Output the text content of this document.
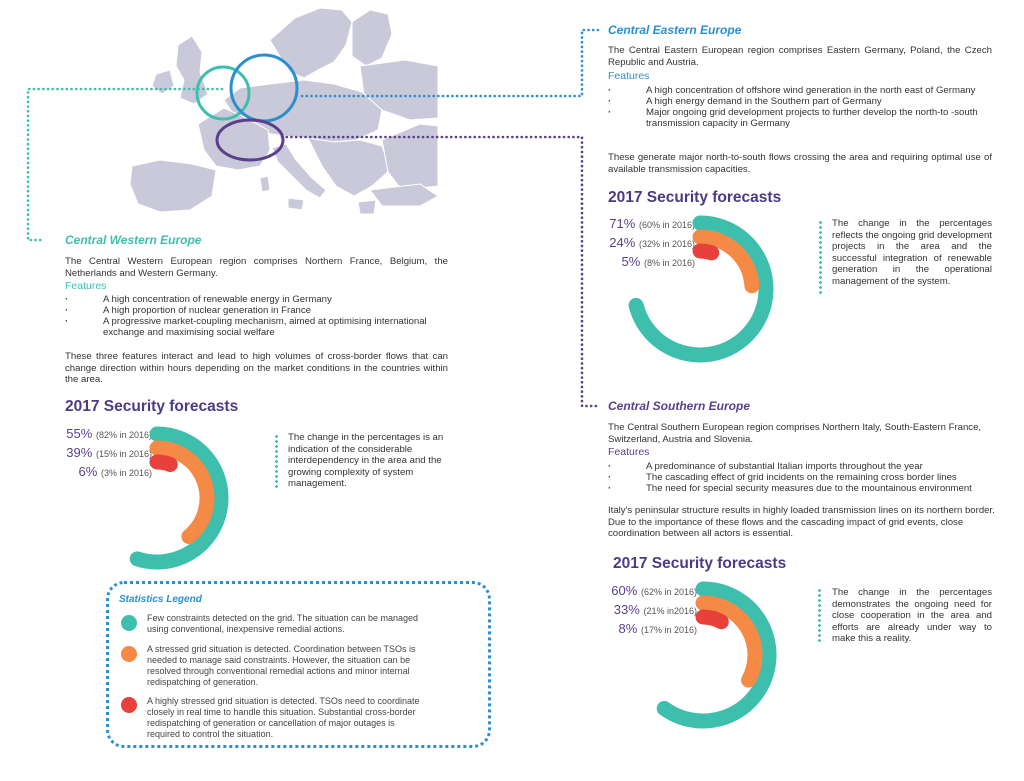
Central Western Europe
The Central Western European region comprises Northern France, Belgium, the Netherlands and Western Germany.
Features
· A high concentration of renewable energy in Germany
· A high proportion of nuclear generation in France
· A progressive market-coupling mechanism, aimed at optimising international exchange and maximising social welfare
These three features interact and lead to high volumes of cross-border flows that can change direction within hours depending on the market conditions in the countries within the area.
2017 Security forecasts
55% (82% in 2016)
39% (15% in 2016)
6% (3% in 2016)
The change in the percentages is an indication of the considerable interdependency in the area and the growing complexity of system management.
Statistics Legend
Few constraints detected on the grid. The situation can be managed using conventional, inexpensive remedial actions.
A stressed grid situation is detected. Coordination between TSOs is needed to manage said constraints. However, the situation can be resolved through conventional remedial actions and minor internal redispatching of generation.
A highly stressed grid situation is detected. TSOs need to coordinate closely in real time to handle this situation. Substantial cross-border redispatching of generation or cancellation of major outages is required to control the situation.
Central Eastern Europe
The Central Eastern European region comprises Eastern Germany, Poland, the Czech Republic and Austria.
Features
· A high concentration of offshore wind generation in the north east of Germany
· A high energy demand in the Southern part of Germany
· Major ongoing grid development projects to further develop the north-to -south transmission capacity in Germany
These generate major north-to-south flows crossing the area and requiring optimal use of available transmission capacities.
2017 Security forecasts
71% (60% in 2016)
24% (32% in 2016)
5% (8% in 2016)
The change in the percentages reflects the ongoing grid development projects in the area and the successful integration of renewable generation in the operational management of the system.
Central Southern Europe
The Central Southern European region comprises Northern Italy, South-Eastern France, Switzerland, Austria and Slovenia.
Features
· A predominance of substantial Italian imports throughout the year
· The cascading effect of grid incidents on the remaining cross border lines
· The need for special security measures due to the mountainous environment
Italy's peninsular structure results in highly loaded transmission lines on its northern border. Due to the importance of these flows and the cascading impact of grid events, close coordination between all actors is essential.
2017 Security forecasts
60% (62% in 2016)
33% (21% in2016)
8% (17% in 2016)
The change in the percentages demonstrates the ongoing need for close cooperation in the area and efforts are already under way to make this a reality.
